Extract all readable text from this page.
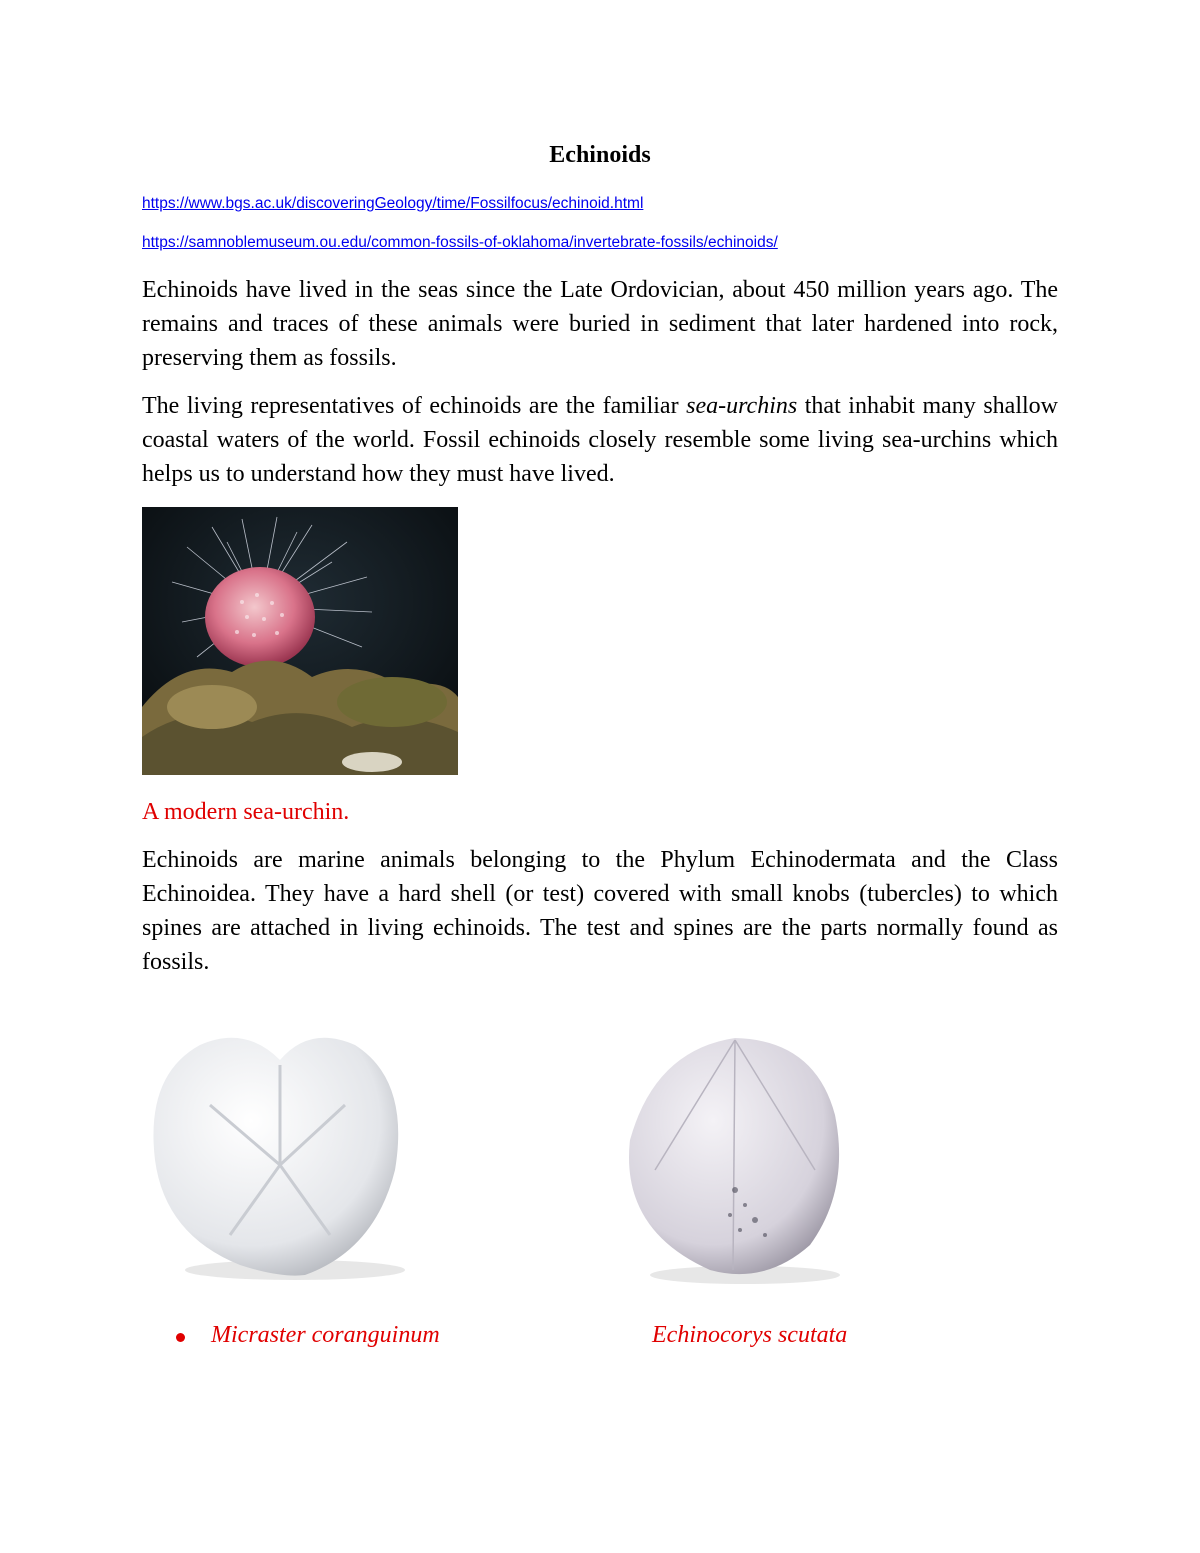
Echinoids
https://www.bgs.ac.uk/discoveringGeology/time/Fossilfocus/echinoid.html
https://samnoblemuseum.ou.edu/common-fossils-of-oklahoma/invertebrate-fossils/echinoids/

Echinoids have lived in the seas since the Late Ordovician, about 450 million years ago. The remains and traces of these animals were buried in sediment that later hardened into rock, preserving them as fossils.

The living representatives of echinoids are the familiar sea-urchins that inhabit many shallow coastal waters of the world. Fossil echinoids closely resemble some living sea-urchins which helps us to understand how they must have lived.

A modern sea-urchin.

Echinoids are marine animals belonging to the Phylum Echinodermata and the Class Echinoidea. They have a hard shell (or test) covered with small knobs (tubercles) to which spines are attached in living echinoids. The test and spines are the parts normally found as fossils.

Micraster coranguinum	Echinocorys scutata
